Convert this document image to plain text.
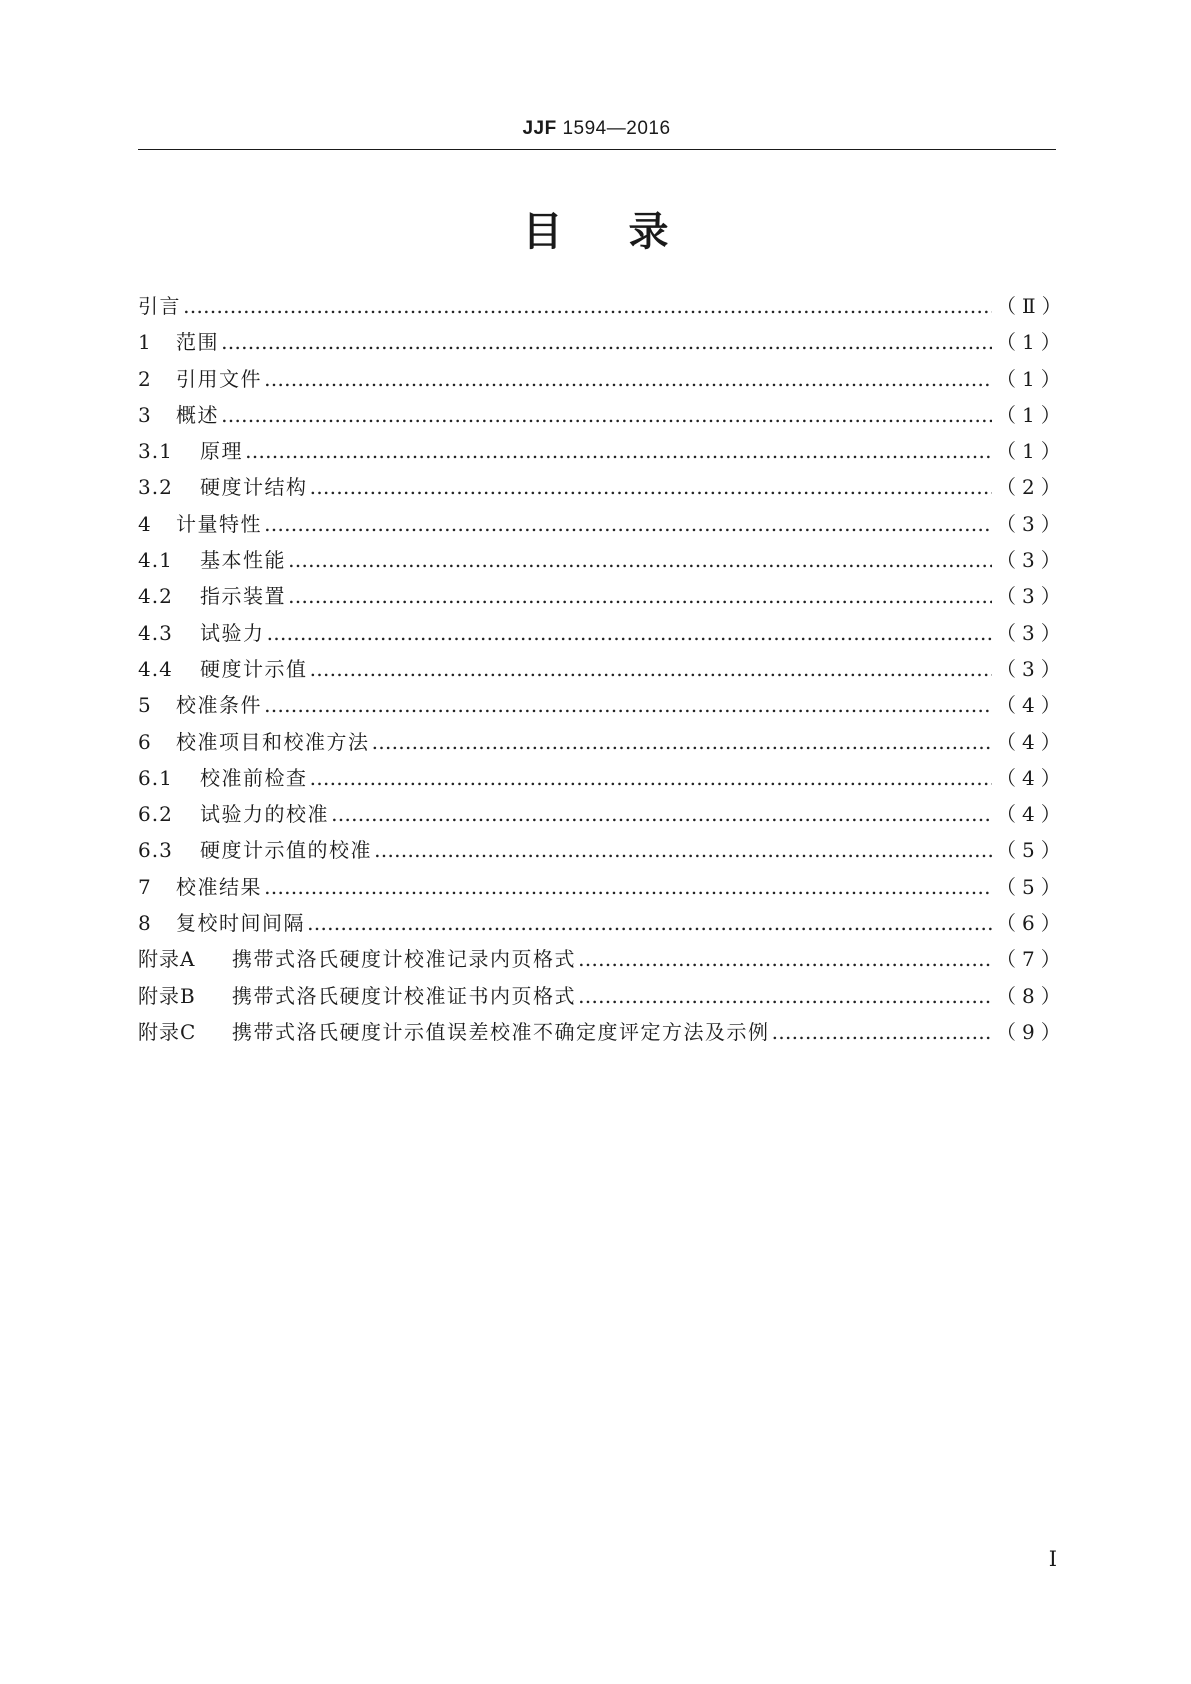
JJF 1594—2016
目录
引言 ………………………………………………………………………………………………………………………………………………………………	（Ⅱ）
1	范围 ………………………………………………………………………………………………………………………………………………………………	（1）
2	引用文件 ………………………………………………………………………………………………………………………………………………………………	（1）
3	概述 ………………………………………………………………………………………………………………………………………………………………	（1）
3.1	原理 ………………………………………………………………………………………………………………………………………………………………	（1）
3.2	硬度计结构 ………………………………………………………………………………………………………………………………………………………………	（2）
4	计量特性 ………………………………………………………………………………………………………………………………………………………………	（3）
4.1	基本性能 ………………………………………………………………………………………………………………………………………………………………	（3）
4.2	指示装置 ………………………………………………………………………………………………………………………………………………………………	（3）
4.3	试验力 ………………………………………………………………………………………………………………………………………………………………	（3）
4.4	硬度计示值 ………………………………………………………………………………………………………………………………………………………………	（3）
5	校准条件 ………………………………………………………………………………………………………………………………………………………………	（4）
6	校准项目和校准方法 ………………………………………………………………………………………………………………………………………………………………	（4）
6.1	校准前检查 ………………………………………………………………………………………………………………………………………………………………	（4）
6.2	试验力的校准 ………………………………………………………………………………………………………………………………………………………………	（4）
6.3	硬度计示值的校准 ………………………………………………………………………………………………………………………………………………………………	（5）
7	校准结果 ………………………………………………………………………………………………………………………………………………………………	（5）
8	复校时间间隔 ………………………………………………………………………………………………………………………………………………………………	（6）
附录A	携带式洛氏硬度计校准记录内页格式 ………………………………………………………………………………………………………………………………………………………………	（7）
附录B	携带式洛氏硬度计校准证书内页格式 ………………………………………………………………………………………………………………………………………………………………	（8）
附录C	携带式洛氏硬度计示值误差校准不确定度评定方法及示例 ………………………………………………………………………………………………………………………………………………………………	（9）
I
